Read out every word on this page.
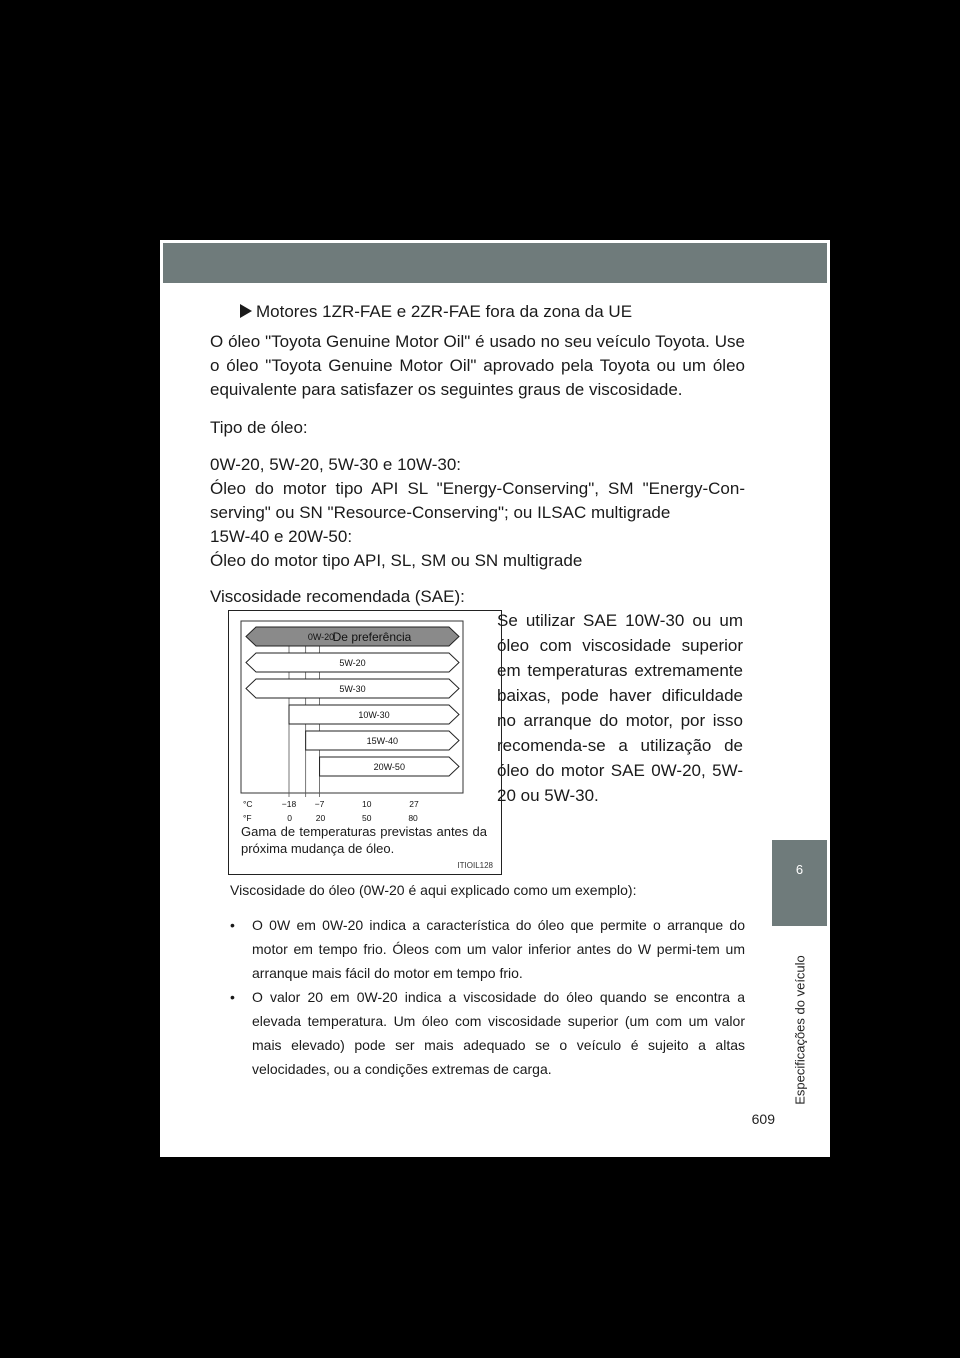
Motores 1ZR-FAE e 2ZR-FAE fora da zona da UE
O óleo "Toyota Genuine Motor Oil" é usado no seu veículo Toyota. Use o óleo "Toyota Genuine Motor Oil" aprovado pela Toyota ou um óleo equivalente para satisfazer os seguintes graus de viscosidade.
Tipo de óleo:
0W-20, 5W-20, 5W-30 e 10W-30:
Óleo do motor tipo API SL "Energy-Conserving", SM "Energy-Con-serving" ou SN "Resource-Conserving"; ou ILSAC multigrade
15W-40 e 20W-50:
Óleo do motor tipo API, SL, SM ou SN multigrade
Viscosidade recomendada (SAE):
0W-20
De preferência
5W-20
5W-30
10W-30
15W-40
20W-50
°C
°F
−18 −7	10	27
0	20	50	80
Gama de temperaturas previstas antes da próxima mudança de óleo.
ITIOIL128
Se utilizar SAE 10W-30 ou um óleo com viscosidade superior em temperaturas extremamente baixas, pode haver dificuldade no arranque do motor, por isso recomenda-se a utilização de óleo do motor SAE 0W-20, 5W-20 ou 5W-30.
Viscosidade do óleo (0W-20 é aqui explicado como um exemplo):
• O 0W em 0W-20 indica a característica do óleo que permite o arranque do motor em tempo frio. Óleos com um valor inferior antes do W permi-tem um arranque mais fácil do motor em tempo frio.
• O valor 20 em 0W-20 indica a viscosidade do óleo quando se encontra a elevada temperatura. Um óleo com viscosidade superior (um com um valor mais elevado) pode ser mais adequado se o veículo é sujeito a altas velocidades, ou a condições extremas de carga.
6
Especificações do veículo
609
